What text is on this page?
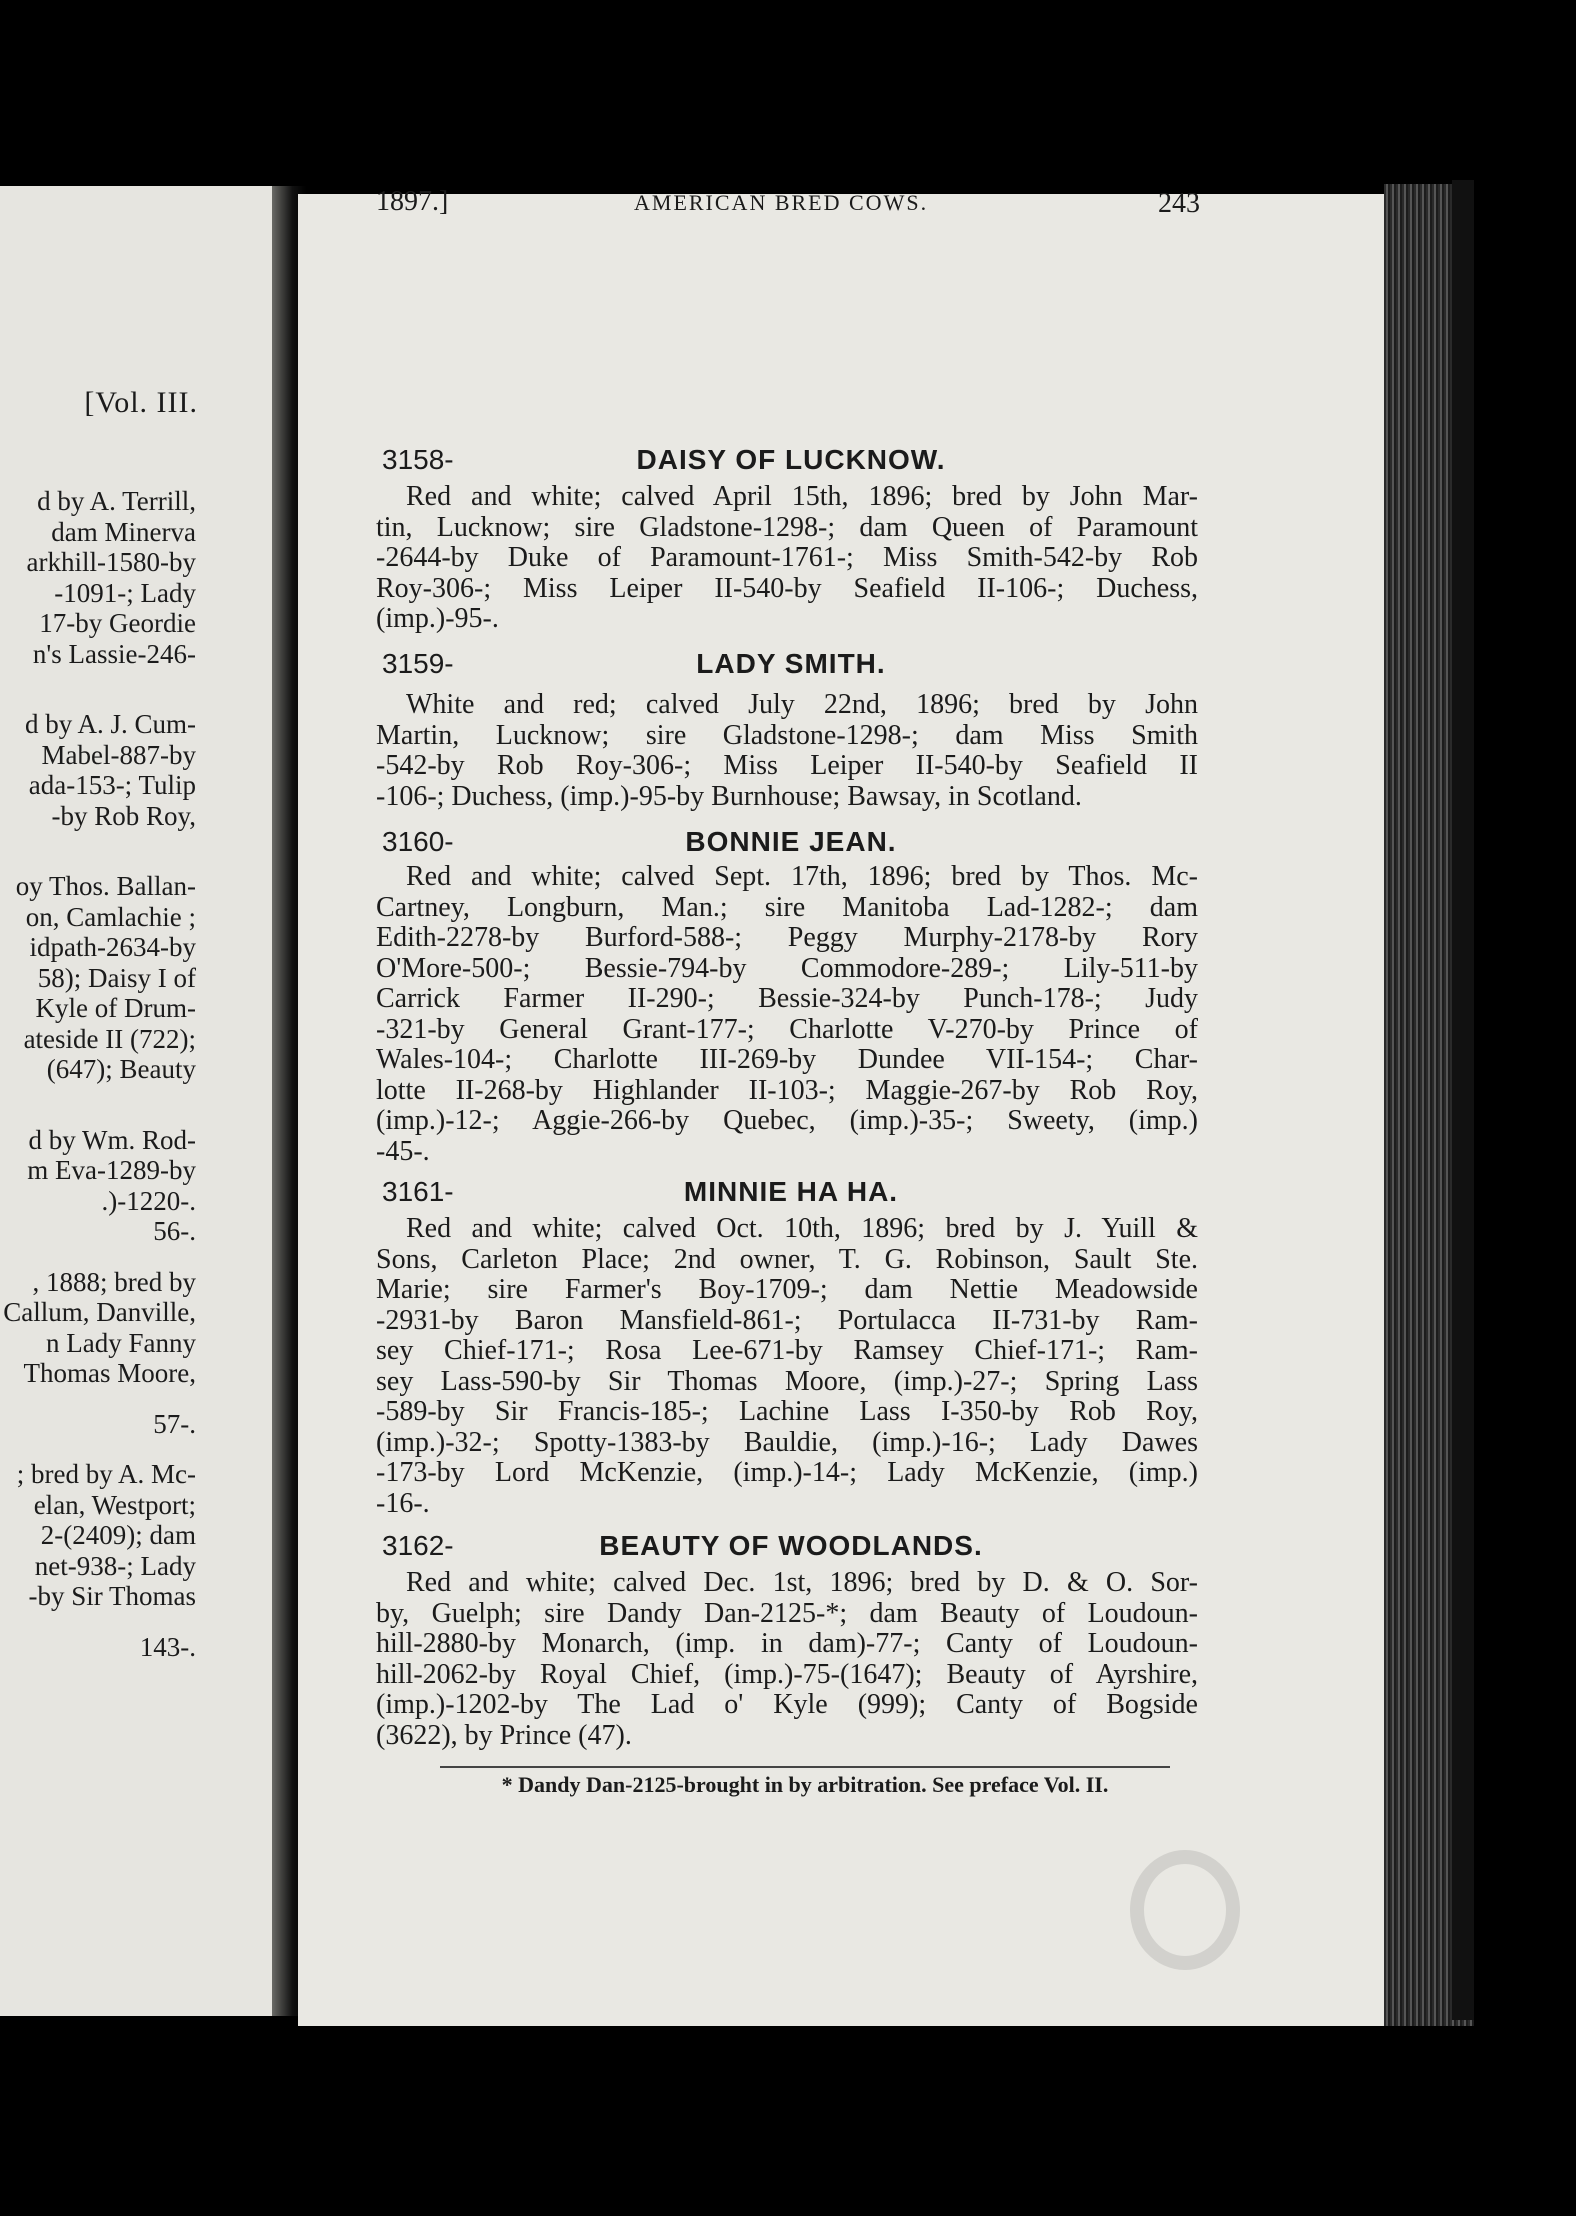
[Vol. III.
d by A. Terrill,
dam Minerva
arkhill-1580-by
-1091-; Lady
17-by Geordie
n's Lassie-246-
d by A. J. Cum-
Mabel-887-by
ada-153-; Tulip
-by Rob Roy,
oy Thos. Ballan-
on, Camlachie ;
idpath-2634-by
58); Daisy I of
Kyle of Drum-
ateside II (722);
(647); Beauty
d by Wm. Rod-
m Eva-1289-by
.)-1220-.
56-.
, 1888; bred by
Callum, Danville,
n Lady Fanny
Thomas Moore,
57-.
; bred by A. Mc-
elan, Westport;
2-(2409); dam
net-938-; Lady
-by Sir Thomas
143-.
1897.]	AMERICAN BRED COWS.	243
3158-	DAISY OF LUCKNOW.
Red and white; calved April 15th, 1896; bred by John Mar-
tin, Lucknow; sire Gladstone-1298-; dam Queen of Paramount
-2644-by Duke of Paramount-1761-; Miss Smith-542-by Rob
Roy-306-; Miss Leiper II-540-by Seafield II-106-; Duchess,
(imp.)-95-.
3159-	LADY SMITH.
White and red; calved July 22nd, 1896; bred by John
Martin, Lucknow; sire Gladstone-1298-; dam Miss Smith
-542-by Rob Roy-306-; Miss Leiper II-540-by Seafield II
-106-; Duchess, (imp.)-95-by Burnhouse; Bawsay, in Scotland.
3160-	BONNIE JEAN.
Red and white; calved Sept. 17th, 1896; bred by Thos. Mc-
Cartney, Longburn, Man.; sire Manitoba Lad-1282-; dam
Edith-2278-by Burford-588-; Peggy Murphy-2178-by Rory
O'More-500-; Bessie-794-by Commodore-289-; Lily-511-by
Carrick Farmer II-290-; Bessie-324-by Punch-178-; Judy
-321-by General Grant-177-; Charlotte V-270-by Prince of
Wales-104-; Charlotte III-269-by Dundee VII-154-; Char-
lotte II-268-by Highlander II-103-; Maggie-267-by Rob Roy,
(imp.)-12-; Aggie-266-by Quebec, (imp.)-35-; Sweety, (imp.)
-45-.
3161-	MINNIE HA HA.
Red and white; calved Oct. 10th, 1896; bred by J. Yuill &
Sons, Carleton Place; 2nd owner, T. G. Robinson, Sault Ste.
Marie; sire Farmer's Boy-1709-; dam Nettie Meadowside
-2931-by Baron Mansfield-861-; Portulacca II-731-by Ram-
sey Chief-171-; Rosa Lee-671-by Ramsey Chief-171-; Ram-
sey Lass-590-by Sir Thomas Moore, (imp.)-27-; Spring Lass
-589-by Sir Francis-185-; Lachine Lass I-350-by Rob Roy,
(imp.)-32-; Spotty-1383-by Bauldie, (imp.)-16-; Lady Dawes
-173-by Lord McKenzie, (imp.)-14-; Lady McKenzie, (imp.)
-16-.
3162-	BEAUTY OF WOODLANDS.
Red and white; calved Dec. 1st, 1896; bred by D. & O. Sor-
by, Guelph; sire Dandy Dan-2125-*; dam Beauty of Loudoun-
hill-2880-by Monarch, (imp. in dam)-77-; Canty of Loudoun-
hill-2062-by Royal Chief, (imp.)-75-(1647); Beauty of Ayrshire,
(imp.)-1202-by The Lad o' Kyle (999); Canty of Bogside
(3622), by Prince (47).
* Dandy Dan-2125-brought in by arbitration. See preface Vol. II.
